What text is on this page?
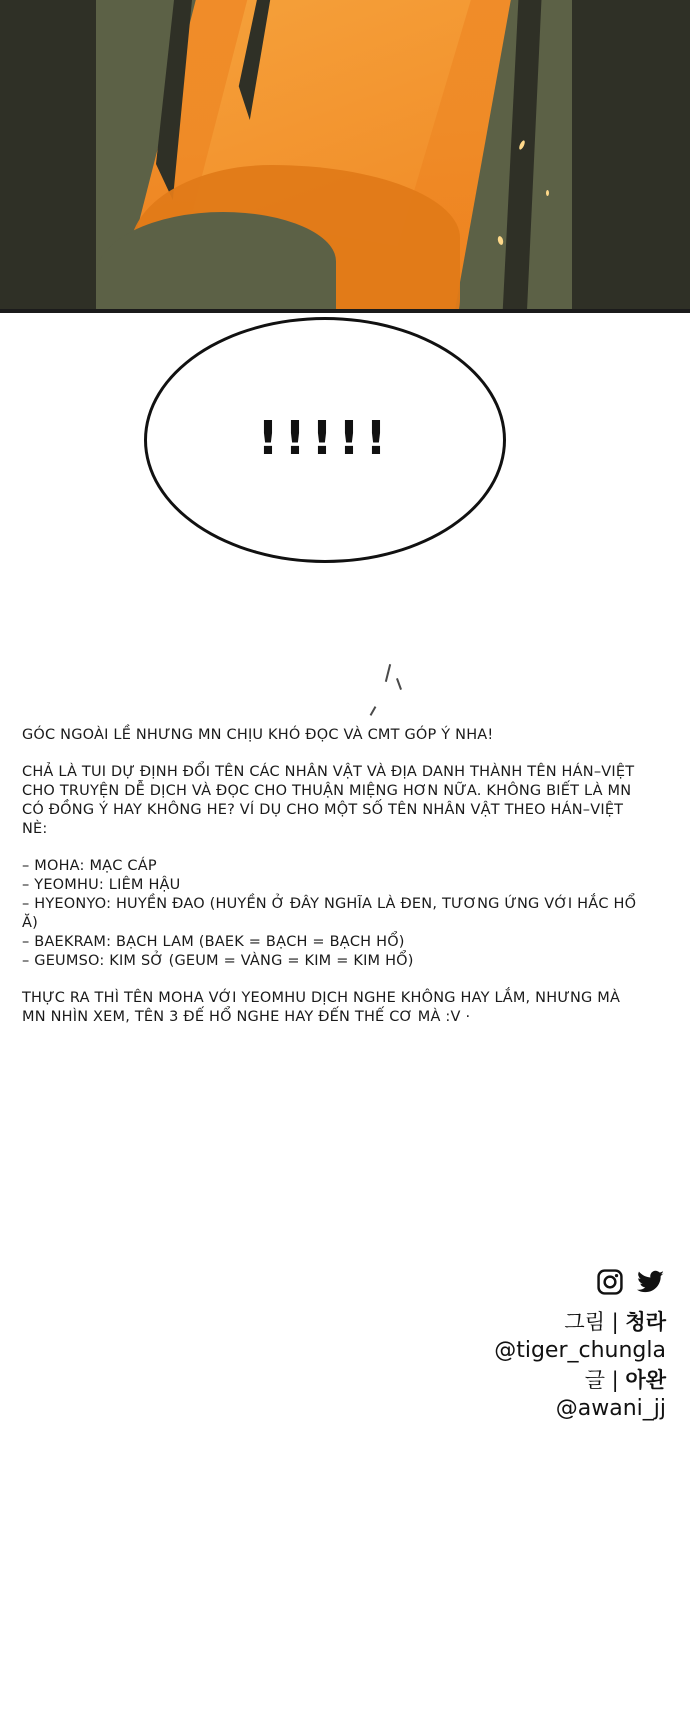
!!!!!

GÓC NGOÀI LỀ NHƯNG MN CHỊU KHÓ ĐỌC VÀ CMT GÓP Ý NHA!

CHẢ LÀ TUI DỰ ĐỊNH ĐỔI TÊN CÁC NHÂN VẬT VÀ ĐỊA DANH THÀNH TÊN HÁN–VIỆT CHO TRUYỆN DỄ DỊCH VÀ ĐỌC CHO THUẬN MIỆNG HƠN NỮA. KHÔNG BIẾT LÀ MN CÓ ĐỒNG Ý HAY KHÔNG HE? VÍ DỤ CHO MỘT SỐ TÊN NHÂN VẬT THEO HÁN–VIỆT NÈ:

– MOHA: MẠC CÁP

– YEOMHU: LIÊM HẬU

– HYEONYO: HUYỀN ĐAO (HUYỀN Ở ĐÂY NGHĨA LÀ ĐEN, TƯƠNG ỨNG VỚI HẮC HỔ Ă)

– BAEKRAM: BẠCH LAM (BAEK = BẠCH = BẠCH HỔ)

– GEUMSO: KIM SỞ (GEUM = VÀNG = KIM = KIM HỔ)

THỰC RA THÌ TÊN MOHA VỚI YEOMHU DỊCH NGHE KHÔNG HAY LẮM, NHƯNG MÀ MN NHÌN XEM, TÊN 3 ĐẾ HỔ NGHE HAY ĐẾN THẾ CƠ MÀ :V ·

그림 | 청라
@tiger_chungla
글 | 아완
@awani_jj
